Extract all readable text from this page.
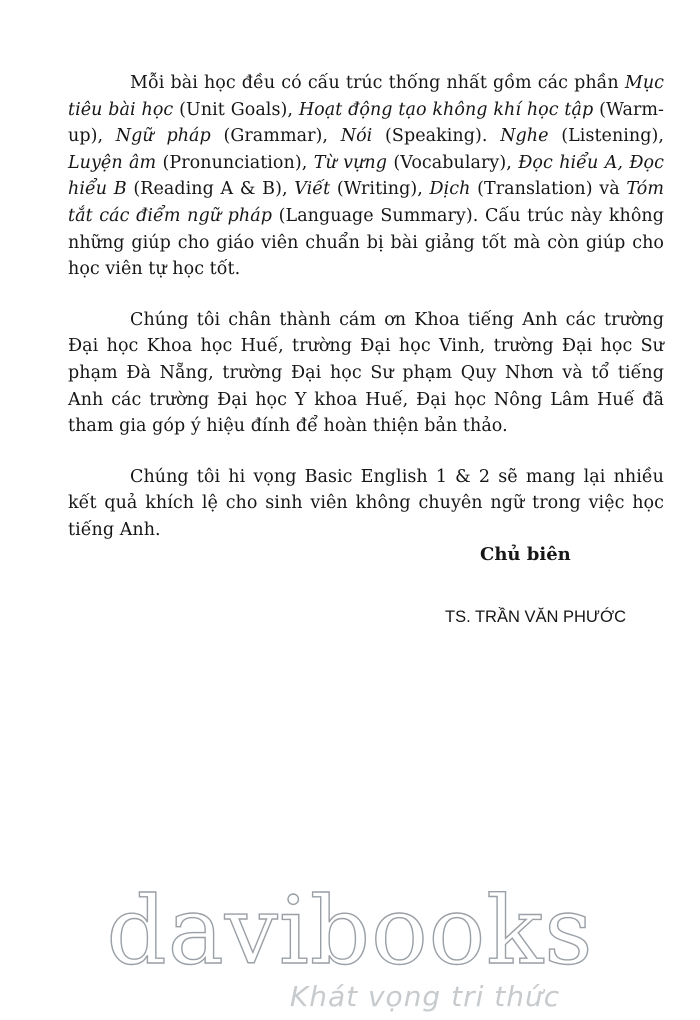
Mỗi bài học đều có cấu trúc thống nhất gồm các phần Mục tiêu bài học (Unit Goals), Hoạt động tạo không khí học tập (Warm-up), Ngữ pháp (Grammar), Nói (Speaking). Nghe (Listening), Luyện âm (Pronunciation), Từ vựng (Vocabulary), Đọc hiểu A, Đọc hiểu B (Reading A & B), Viết (Writing), Dịch (Translation) và Tóm tắt các điểm ngữ pháp (Language Summary). Cấu trúc này không những giúp cho giáo viên chuẩn bị bài giảng tốt mà còn giúp cho học viên tự học tốt.

Chúng tôi chân thành cám ơn Khoa tiếng Anh các trường Đại học Khoa học Huế, trường Đại học Vinh, trường Đại học Sư phạm Đà Nẵng, trường Đại học Sư phạm Quy Nhơn và tổ tiếng Anh các trường Đại học Y khoa Huế, Đại học Nông Lâm Huế đã tham gia góp ý hiệu đính để hoàn thiện bản thảo.

Chúng tôi hi vọng Basic English 1 & 2 sẽ mang lại nhiều kết quả khích lệ cho sinh viên không chuyên ngữ trong việc học tiếng Anh.

Chủ biên

TS. TRẦN VĂN PHƯỚC

davibooks
Khát vọng tri thức
